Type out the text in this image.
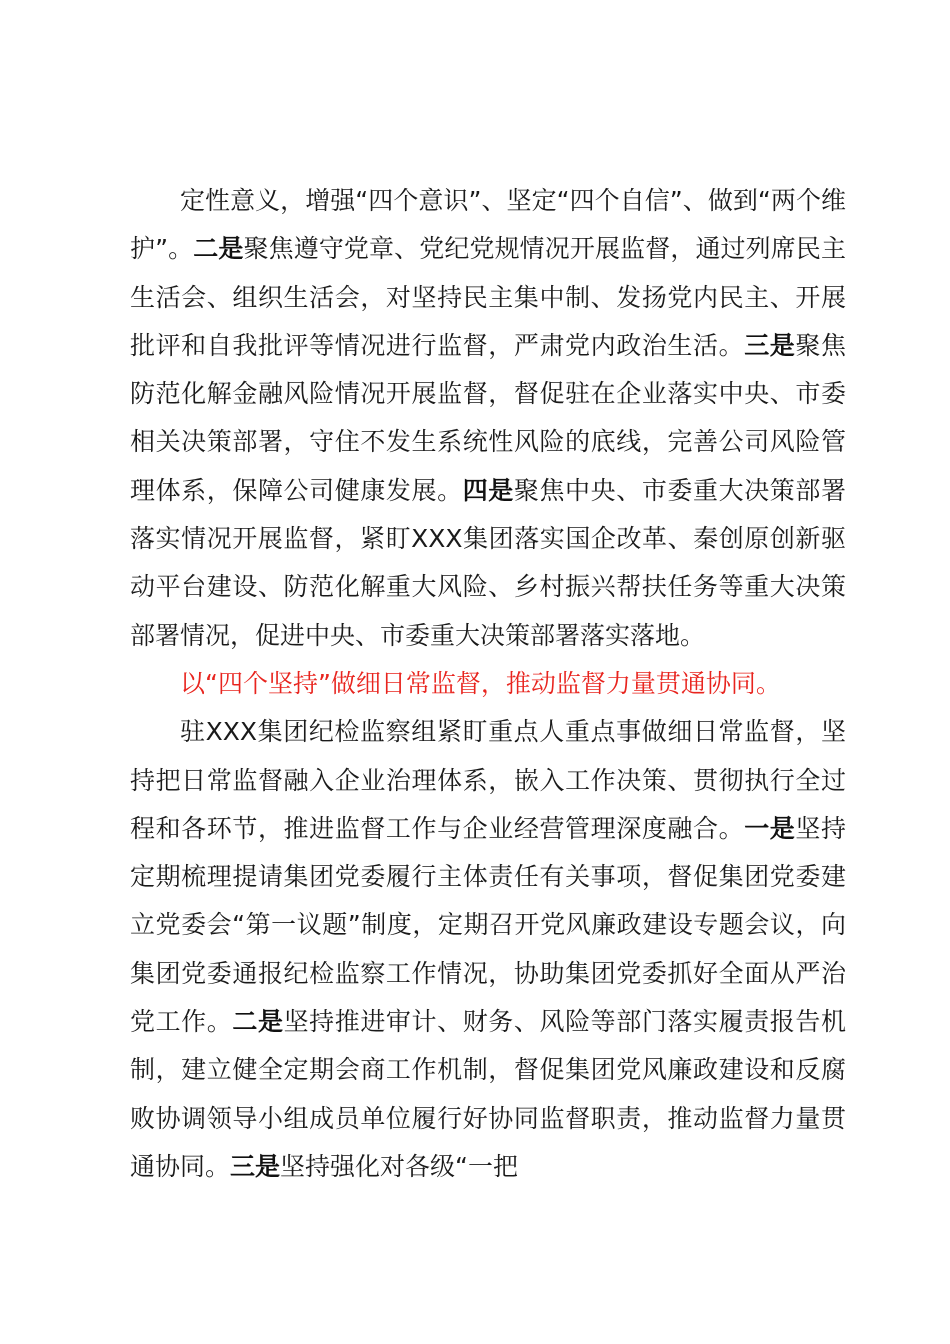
定性意义，增强“四个意识”、坚定“四个自信”、做到“两个维护”。二是聚焦遵守党章、党纪党规情况开展监督，通过列席民主生活会、组织生活会，对坚持民主集中制、发扬党内民主、开展批评和自我批评等情况进行监督，严肃党内政治生活。三是聚焦防范化解金融风险情况开展监督，督促驻在企业落实中央、市委相关决策部署，守住不发生系统性风险的底线，完善公司风险管理体系，保障公司健康发展。四是聚焦中央、市委重大决策部署落实情况开展监督，紧盯XXX集团落实国企改革、秦创原创新驱动平台建设、防范化解重大风险、乡村振兴帮扶任务等重大决策部署情况，促进中央、市委重大决策部署落实落地。

以“四个坚持”做细日常监督，推动监督力量贯通协同。

驻XXX集团纪检监察组紧盯重点人重点事做细日常监督，坚持把日常监督融入企业治理体系，嵌入工作决策、贯彻执行全过程和各环节，推进监督工作与企业经营管理深度融合。一是坚持定期梳理提请集团党委履行主体责任有关事项，督促集团党委建立党委会“第一议题”制度，定期召开党风廉政建设专题会议，向集团党委通报纪检监察工作情况，协助集团党委抓好全面从严治党工作。二是坚持推进审计、财务、风险等部门落实履责报告机制，建立健全定期会商工作机制，督促集团党风廉政建设和反腐败协调领导小组成员单位履行好协同监督职责，推动监督力量贯通协同。三是坚持强化对各级“一把
